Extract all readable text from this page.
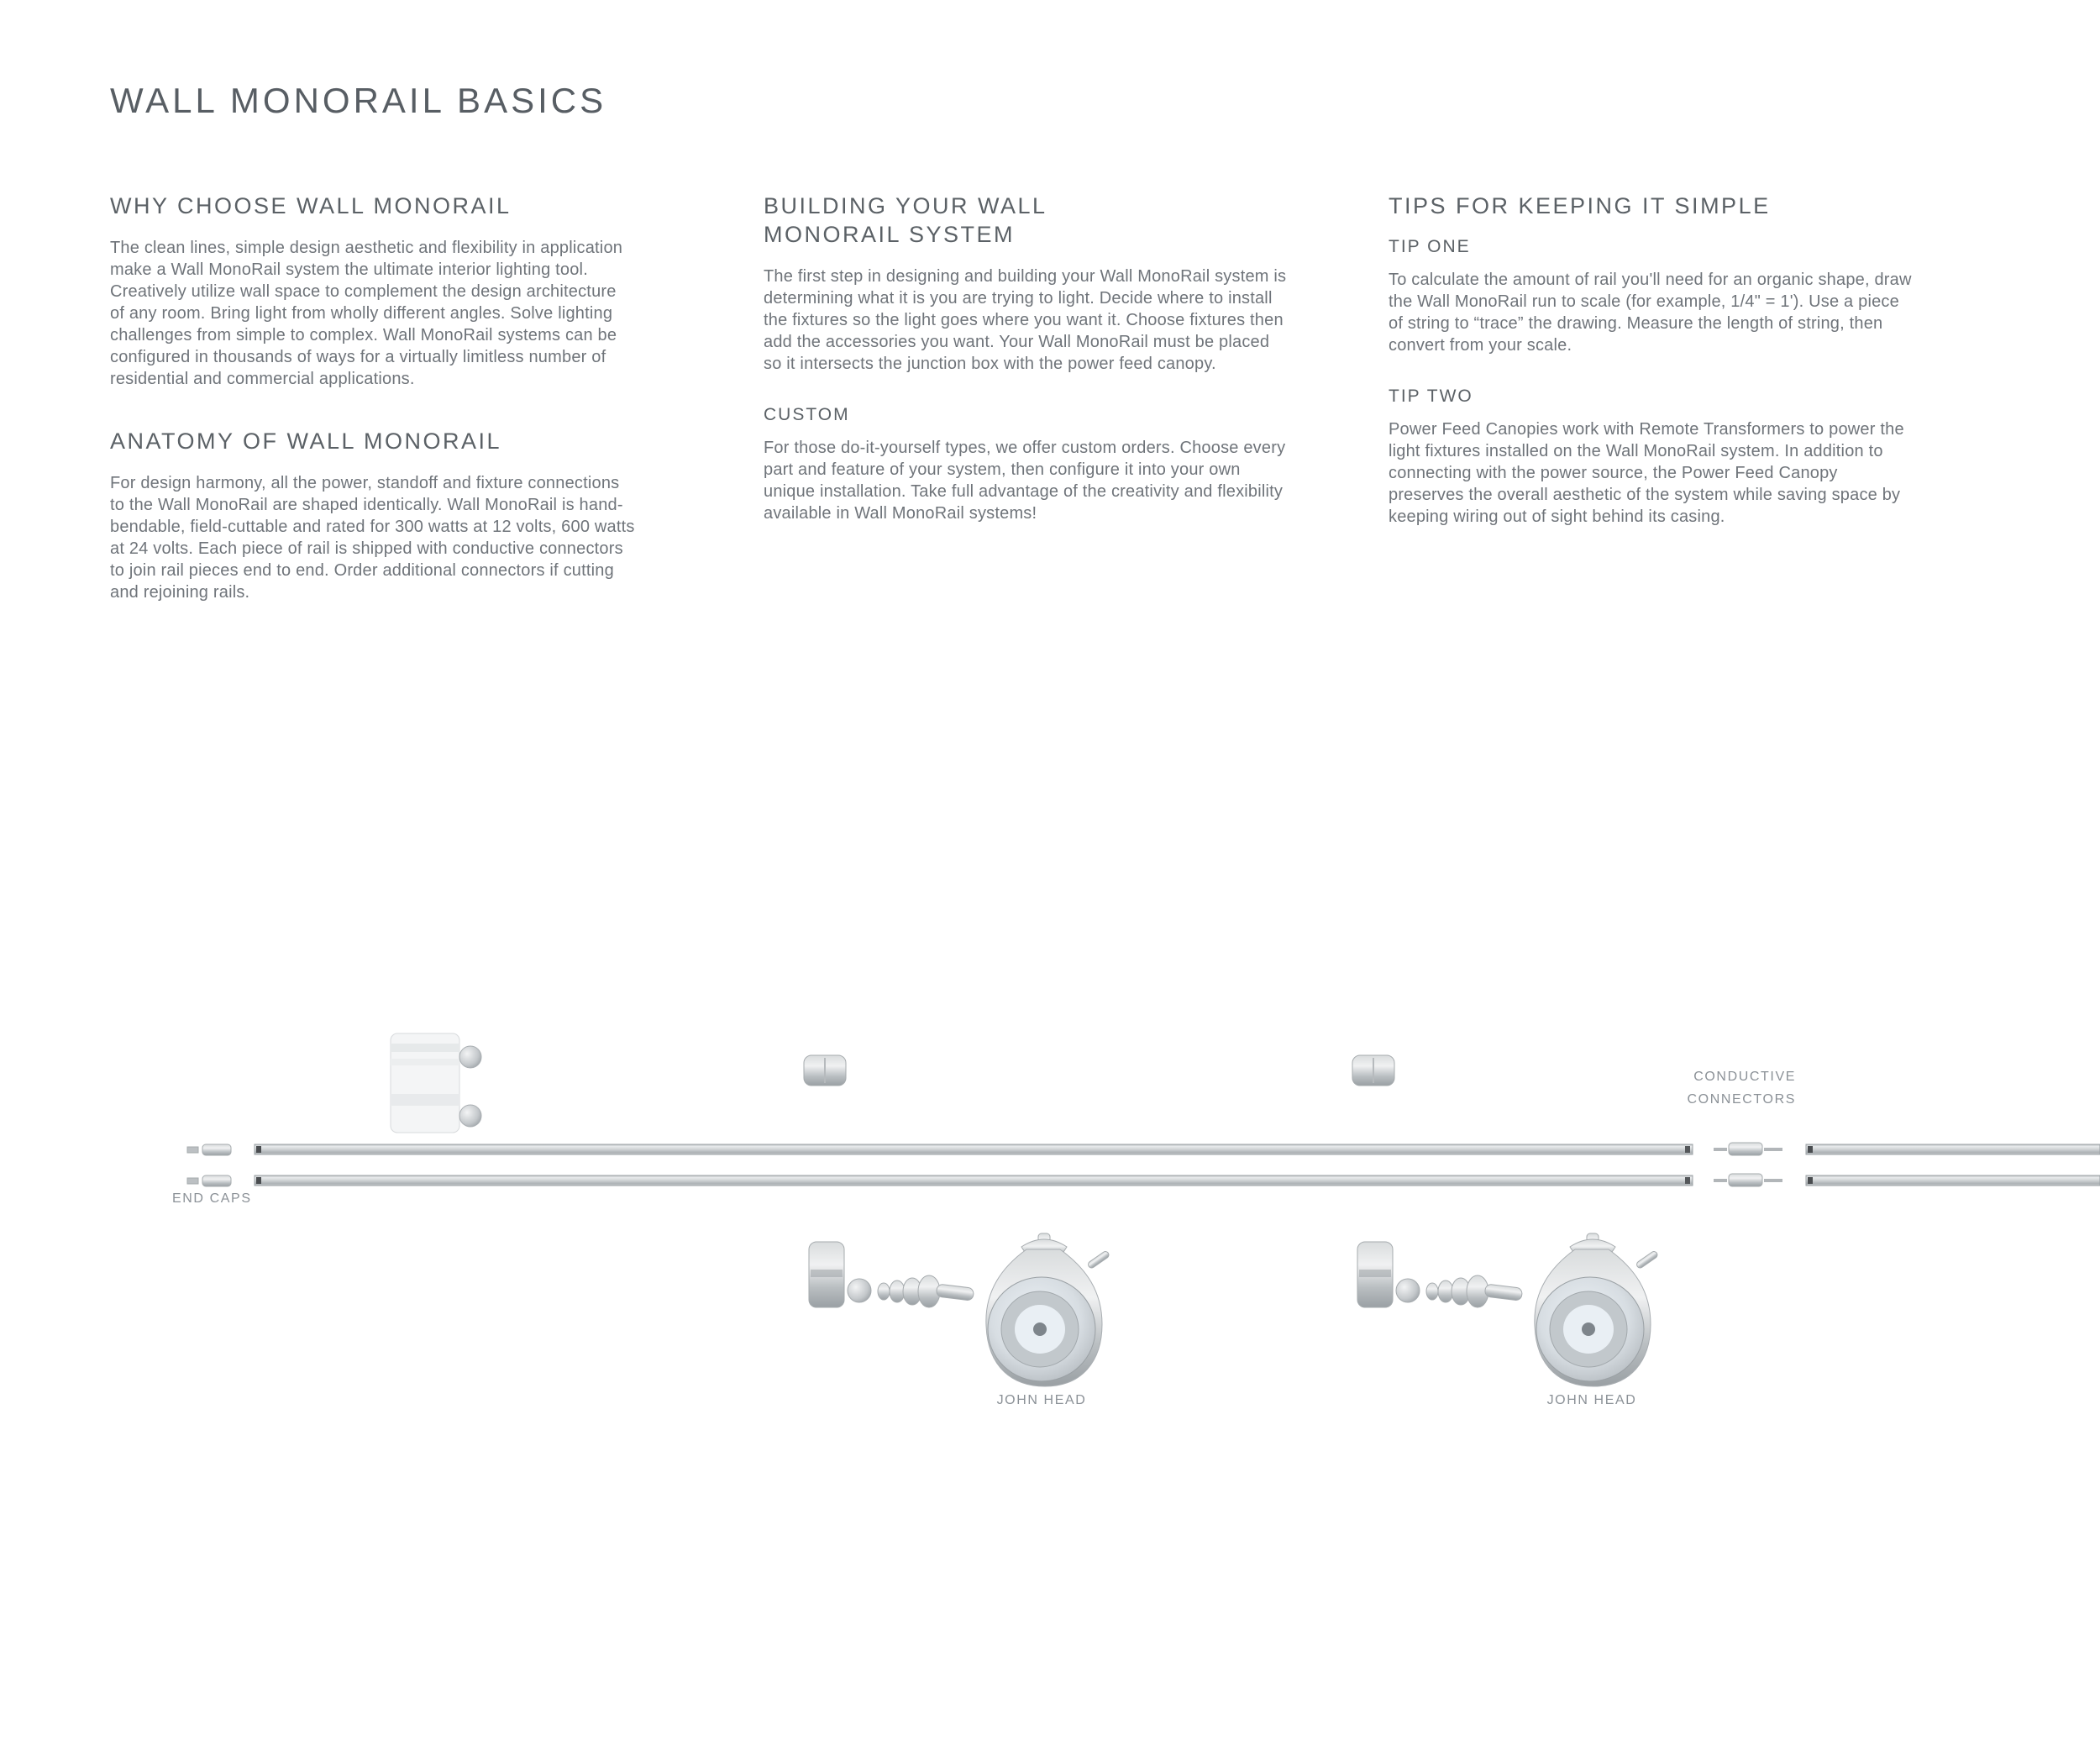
WALL MONORAIL BASICS
WHY CHOOSE WALL MONORAIL

The clean lines, simple design aesthetic and flexibility in application make a Wall MonoRail system the ultimate interior lighting tool. Creatively utilize wall space to complement the design architecture of any room. Bring light from wholly different angles. Solve lighting challenges from simple to complex. Wall MonoRail systems can be configured in thousands of ways for a virtually limitless number of residential and commercial applications.

ANATOMY OF WALL MONORAIL

For design harmony, all the power, standoff and fixture connections to the Wall MonoRail are shaped identically. Wall MonoRail is hand-bendable, field-cuttable and rated for 300 watts at 12 volts, 600 watts at 24 volts. Each piece of rail is shipped with conductive connectors to join rail pieces end to end. Order additional connectors if cutting and rejoining rails.

BUILDING YOUR WALL MONORAIL SYSTEM

The first step in designing and building your Wall MonoRail system is determining what it is you are trying to light. Decide where to install the fixtures so the light goes where you want it. Choose fixtures then add the accessories you want. Your Wall MonoRail must be placed so it intersects the junction box with the power feed canopy.

CUSTOM

For those do-it-yourself types, we offer custom orders. Choose every part and feature of your system, then configure it into your own unique installation. Take full advantage of the creativity and flexibility available in Wall MonoRail systems!

TIPS FOR KEEPING IT SIMPLE
TIP ONE

To calculate the amount of rail you'll need for an organic shape, draw the Wall MonoRail run to scale (for example, 1/4" = 1'). Use a piece of string to “trace” the drawing. Measure the length of string, then convert from your scale.

TIP TWO

Power Feed Canopies work with Remote Transformers to power the light fixtures installed on the Wall MonoRail system. In addition to connecting with the power source, the Power Feed Canopy preserves the overall aesthetic of the system while saving space by keeping wiring out of sight behind its casing.

END CAPS
CONDUCTIVE
CONNECTORS
JOHN HEAD	JOHN HEAD
